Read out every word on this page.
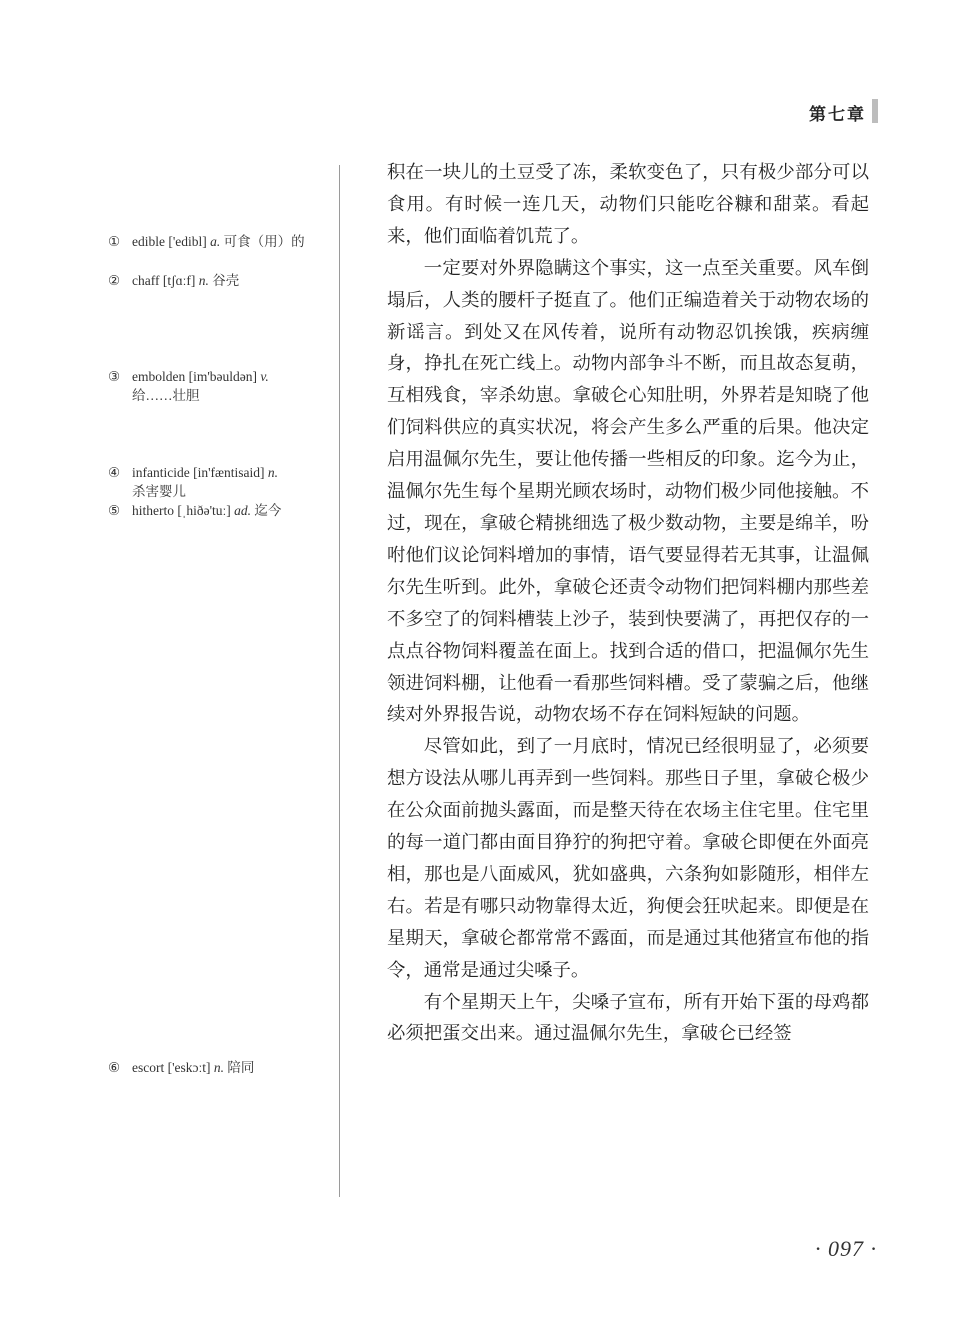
第七章
① edible ['edibl] a. 可食（用）的
② chaff [tʃɑːf] n. 谷壳
③ embolden [im'bəuldən] v.
给……壮胆
④ infanticide [in'fæntisaid] n.
杀害婴儿
⑤ hitherto [ˌhiðə'tuː] ad. 迄今
⑥ escort ['eskɔːt] n. 陪同

积在一块儿的土豆受了冻，柔软变色了，只有极少部分可以食用。有时候一连几天，动物们只能吃谷糠和甜菜。看起来，他们面临着饥荒了。

一定要对外界隐瞒这个事实，这一点至关重要。风车倒塌后，人类的腰杆子挺直了。他们正编造着关于动物农场的新谣言。到处又在风传着，说所有动物忍饥挨饿，疾病缠身，挣扎在死亡线上。动物内部争斗不断，而且故态复萌，互相残食，宰杀幼崽。拿破仑心知肚明，外界若是知晓了他们饲料供应的真实状况，将会产生多么严重的后果。他决定启用温佩尔先生，要让他传播一些相反的印象。迄今为止，温佩尔先生每个星期光顾农场时，动物们极少同他接触。不过，现在，拿破仑精挑细选了极少数动物，主要是绵羊，吩咐他们议论饲料增加的事情，语气要显得若无其事，让温佩尔先生听到。此外，拿破仑还责令动物们把饲料棚内那些差不多空了的饲料槽装上沙子，装到快要满了，再把仅存的一点点谷物饲料覆盖在面上。找到合适的借口，把温佩尔先生领进饲料棚，让他看一看那些饲料槽。受了蒙骗之后，他继续对外界报告说，动物农场不存在饲料短缺的问题。

尽管如此，到了一月底时，情况已经很明显了，必须要想方设法从哪儿再弄到一些饲料。那些日子里，拿破仑极少在公众面前抛头露面，而是整天待在农场主住宅里。住宅里的每一道门都由面目狰狞的狗把守着。拿破仑即便在外面亮相，那也是八面威风，犹如盛典，六条狗如影随形，相伴左右。若是有哪只动物靠得太近，狗便会狂吠起来。即便是在星期天，拿破仑都常常不露面，而是通过其他猪宣布他的指令，通常是通过尖嗓子。

有个星期天上午，尖嗓子宣布，所有开始下蛋的母鸡都必须把蛋交出来。通过温佩尔先生，拿破仑已经签

· 097 ·
